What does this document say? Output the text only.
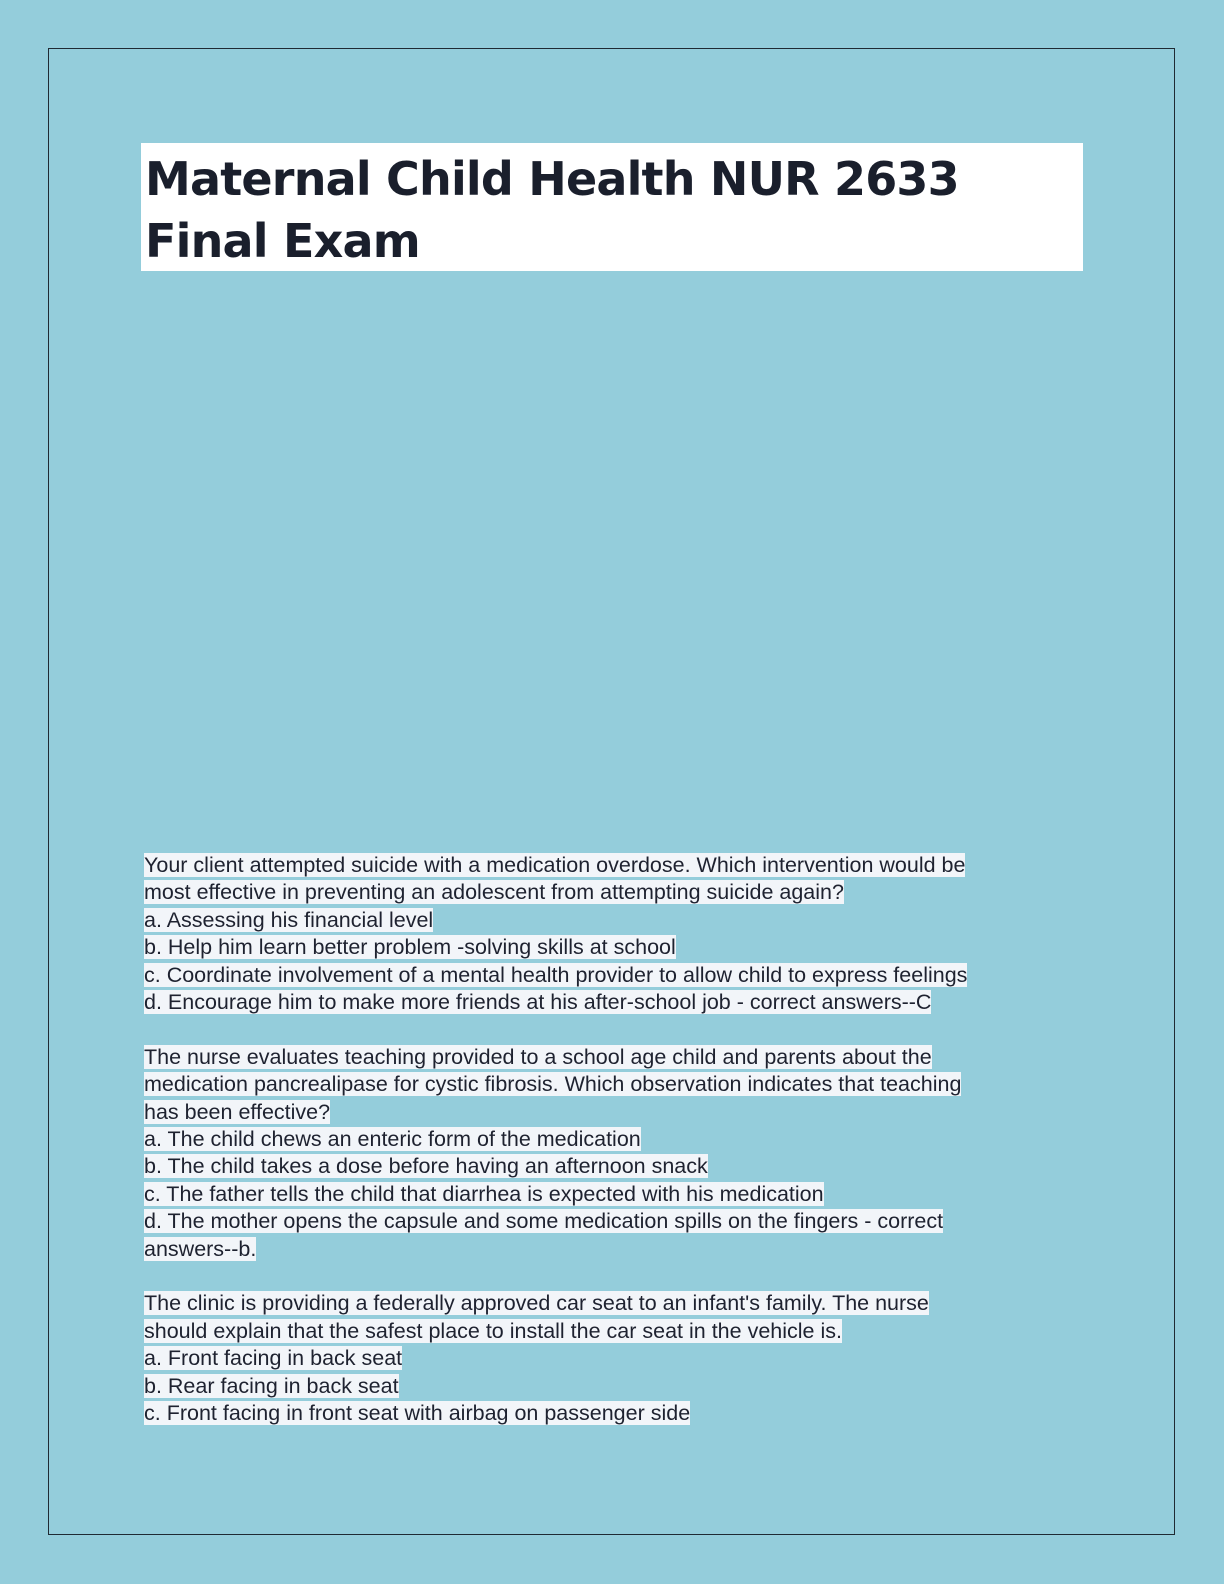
Maternal Child Health NUR 2633 Final Exam
Your client attempted suicide with a medication overdose. Which intervention would be
most effective in preventing an adolescent from attempting suicide again?
a. Assessing his financial level
b. Help him learn better problem -solving skills at school
c. Coordinate involvement of a mental health provider to allow child to express feelings
d. Encourage him to make more friends at his after-school job - correct answers--C
The nurse evaluates teaching provided to a school age child and parents about the
medication pancrealipase for cystic fibrosis. Which observation indicates that teaching
has been effective?
a. The child chews an enteric form of the medication
b. The child takes a dose before having an afternoon snack
c. The father tells the child that diarrhea is expected with his medication
d. The mother opens the capsule and some medication spills on the fingers - correct
answers--b.
The clinic is providing a federally approved car seat to an infant's family. The nurse
should explain that the safest place to install the car seat in the vehicle is.
a. Front facing in back seat
b. Rear facing in back seat
c. Front facing in front seat with airbag on passenger side
